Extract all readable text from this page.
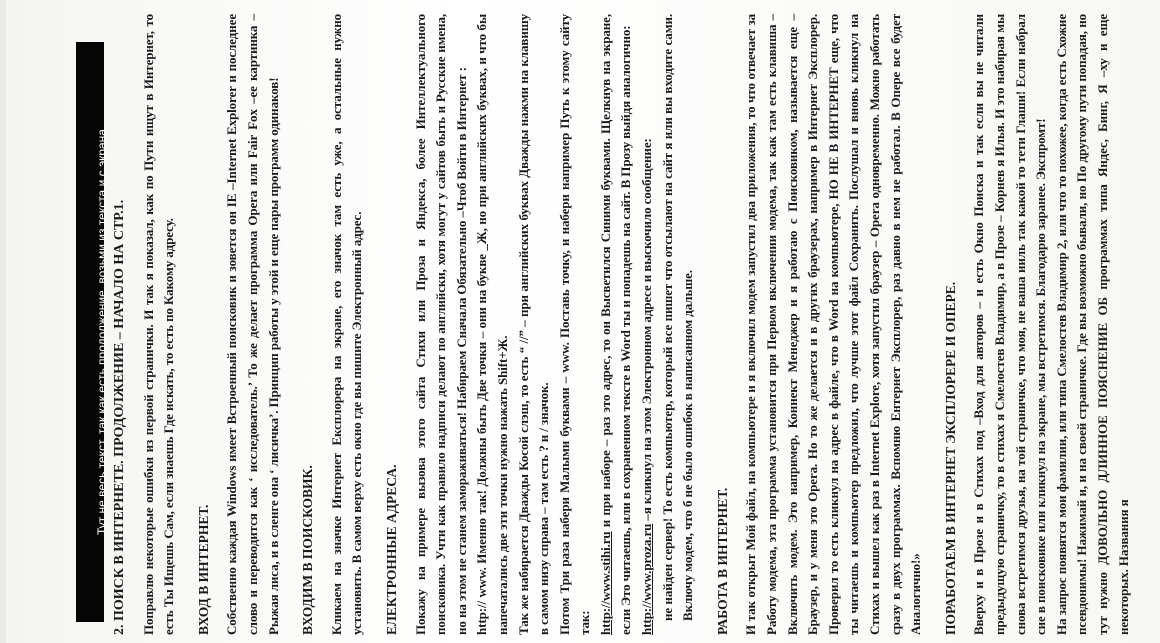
2. ПОИСК В ИНТЕРНЕТЕ. ПРОДОЛЖЕНИЕ – НАЧАЛО НА СТР.1. Поправлю некоторые ошибки из первой странички. И так я показал, как по Пути ищут в Интернет, то есть Ты Ищешь Сам, если знаешь Где искать, то есть по Какому адресу. ВХОД В ИНТЕРНЕТ. Собственно каждая Windows имеет Встроенный поисковик и зовется он IE –Internet Explorer и последнее слово и переводится как ‘ исследователь.’ То же делает программа Opera или Fair Fox –ее картинка –Рыжая лиса, и в сленге она ‘ лисичка’. Принцип работы у этой и еще пары программ одинаков! ВХОДИМ В ПОИСКОВИК. Кликаем на значке Интернет Експлорера на экране, его значок там есть уже, а остальные нужно установить. В самом верху есть окно где вы пишите Электронный адрес. ЕЛЕКТРОННЫЕ АДРЕСА. Покажу на примере вызова этого сайта Стихи или Проза и Яндекса, более Интеллектуального поисковика. Учти как правило надписи делают по английски, хотя могут у сайтов быть и Русские имена, но на этом не станем замораживаться! Набираем Сначала Обязательно –Чтоб Войти в Интернет : http:// www. Именно так! Должны быть Две точки – они на букве _Ж, но при английских буквах, и что бы напечатались две эти точки нужно нажать Shift+Ж. Так же набирается Дважды Косой слэш, то есть “ //” – при английских буквах Дважды нажми на клавишу в самом низу справа – там есть ? и / значок. Потом Три раза набери Малыми буквами – www. Поставь точку, и набери например Путь к этому сайту так: http://www.stihi.ru и при наборе – раз это адрес, то он Высветился Синими буквами. Щелкнув на экране, если Это читаешь, или в сохраненном тексте в Word ты и попадешь на сайт. В Прозу выйдя аналогично: http://www.proza.ru –я кликнул на этом Электронном адресе и выскочило сообщение: не найден сервер! То есть компьютер, который все пишет что отсылают на сайт я или вы входите сами. Включу модем, что б не было ошибок в написанном дальше. РАБОТА В ИНТЕРНЕТ. И так открыт Мой файл, на компьютере и я включил модем запустил два приложения, то что отвечает за Работу модема, эта программа установится при Первом включении модема, так как там есть клавиша – Включить модем. Это например, Коннект Менеджер и я работаю с Поисковиком, называется еще –Браузер, и у меня это Opera. Но то же делается и в других браузерах, например в Интернет Эксплорер. Проверил то есть кликнул на адрес в файле, что в Word на компьютере, НО НЕ В ИНТЕРНЕТ еще, что ты читаешь и компьютер предложил, что лучше этот файл Сохранить. Послушал и вновь кликнул на Стихах и вышел как раз в Internet Explore, хотя запустил браузер – Opera одновременно. Можно работать сразу в двух программах. Вспомню Ентернет Эксплорер, раз давно в нем не работал. В Опере все будет Аналогично!» ПОРАБОТАЕМ В ИНТЕРНЕТ ЭКСПЛОРЕРЕ И ОПЕРЕ. Вверху и в Прозе и в Стихах под –Вход для авторов – и есть Окно Поиска и так если вы не читали предыдущую страничку, то в стихах я Смелостев Владимир, а в Прозе – Корнев я Илья. И это набирая мы снова встретимся друзья, на той страничке, что моя, не ваша ииль так какой то тети Глаши! Если набрал сие в поисковике или кликнул на экране, мы встретимся. Благодарю заранее. Экспромт! На запрос появятся мои фамилии, или типа Смелостев Владимир 2, или что то похожее, когда есть Схожие псевдонимы! Нажимай и, и на своей страничке. Где вы возможно бывали, но По другому пути попадая, но тут нужно ДОВОЛЬНО ДЛИННОЕ ПОЯСНЕНИЕ ОБ программах типа Яндес, Бинг, Я –ху и еще некоторых. Названия я

Тут не весь текст, так как есть продолжение, возьми из текста и с экрана
